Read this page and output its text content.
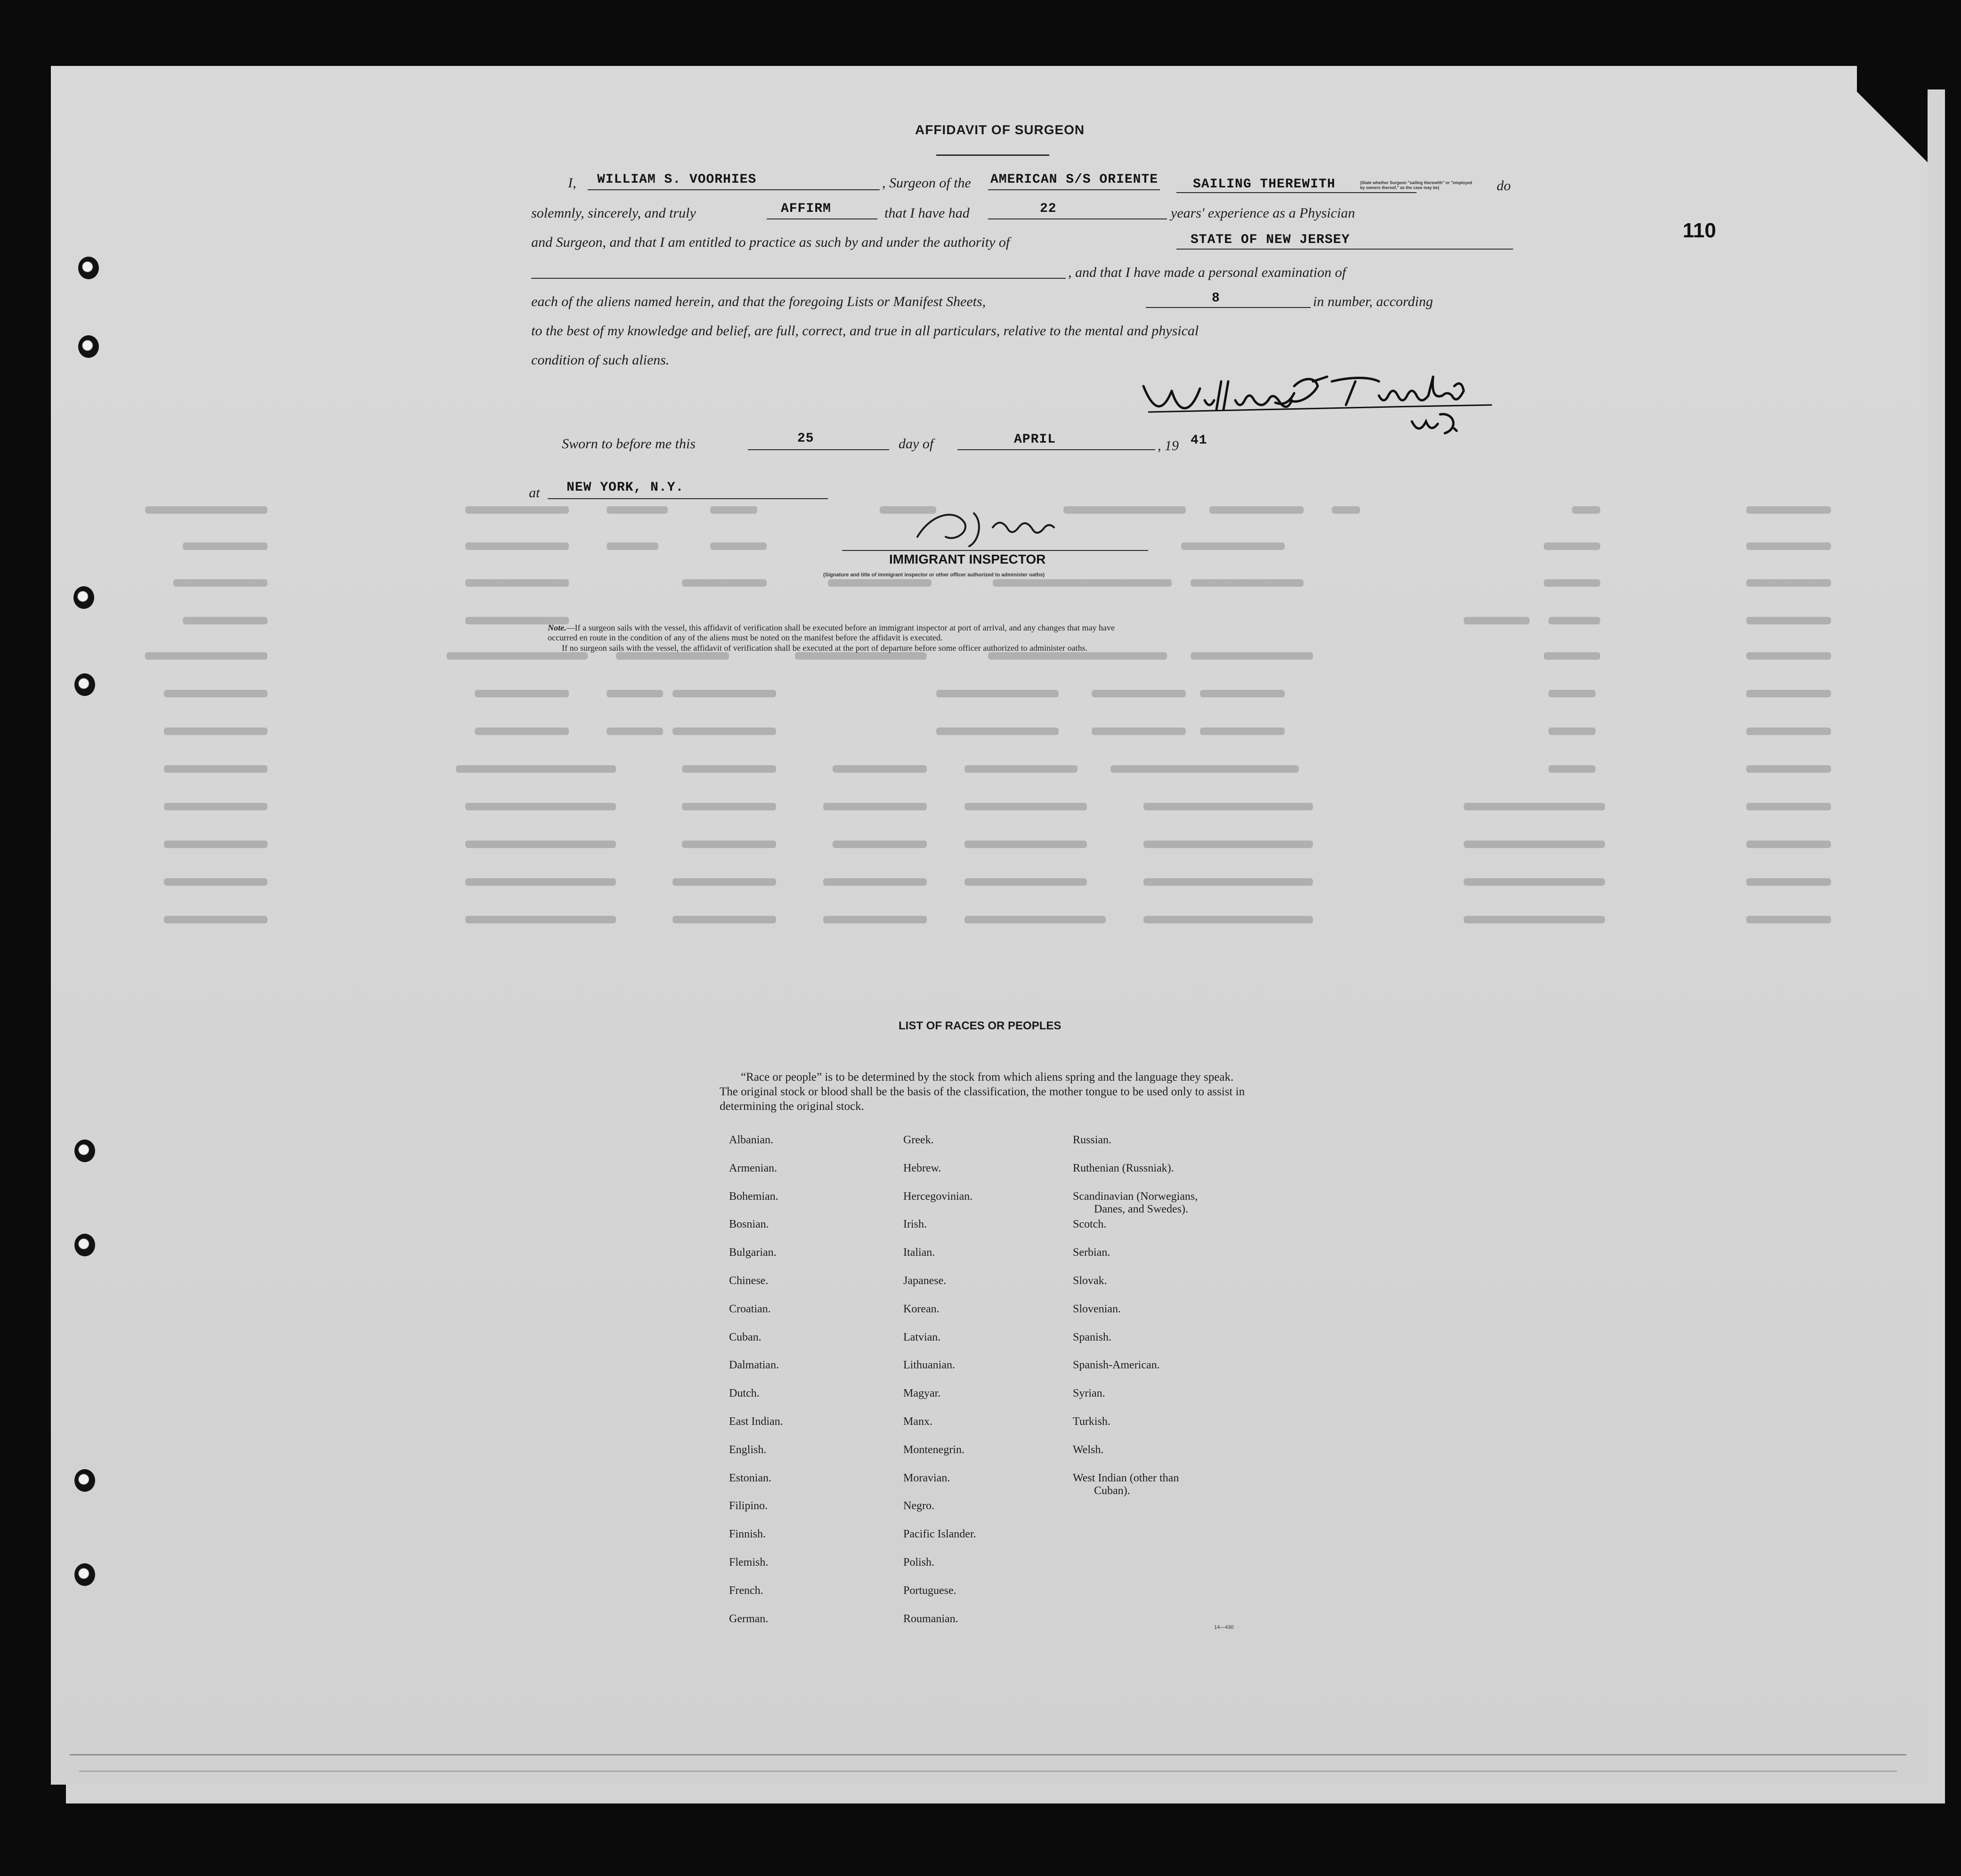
110
AFFIDAVIT OF SURGEON
I, WILLIAM S. VOORHIES	, Surgeon of the AMERICAN S/S ORIENTE	SAILING THEREWITH	(State whether Surgeon "sailing therewith" or "employed by owners thereof," as the case may be)	do
solemnly, sincerely, and truly	AFFIRM	that I have had	22	years' experience as a Physician
and Surgeon, and that I am entitled to practice as such by and under the authority of	STATE OF NEW JERSEY
, and that I have made a personal examination of
each of the aliens named herein, and that the foregoing Lists or Manifest Sheets,	8	in number, according
to the best of my knowledge and belief, are full, correct, and true in all particulars, relative to the mental and physical
condition of such aliens.
Sworn to before me this	25	day of	APRIL	, 19 41
at NEW YORK, N.Y.
IMMIGRANT INSPECTOR
(Signature and title of immigrant inspector or other officer authorized to administer oaths)
Note.—If a surgeon sails with the vessel, this affidavit of verification shall be executed before an immigrant inspector at port of arrival, and any changes that may have
occurred en route in the condition of any of the aliens must be noted on the manifest before the affidavit is executed.
If no surgeon sails with the vessel, the affidavit of verification shall be executed at the port of departure before some officer authorized to administer oaths.
LIST OF RACES OR PEOPLES
“Race or people” is to be determined by the stock from which aliens spring and the language they speak. The original stock or blood shall be the basis of the classification, the mother tongue to be used only to assist in determining the original stock.
Albanian.
Armenian.
Bohemian.
Bosnian.
Bulgarian.
Chinese.
Croatian.
Cuban.
Dalmatian.
Dutch.
East Indian.
English.
Estonian.
Filipino.
Finnish.
Flemish.
French.
German.
Greek.
Hebrew.
Hercegovinian.
Irish.
Italian.
Japanese.
Korean.
Latvian.
Lithuanian.
Magyar.
Manx.
Montenegrin.
Moravian.
Negro.
Pacific Islander.
Polish.
Portuguese.
Roumanian.
Russian.
Ruthenian (Russniak).
Scandinavian (Norwegians,
Danes, and Swedes).
Scotch.
Serbian.
Slovak.
Slovenian.
Spanish.
Spanish-American.
Syrian.
Turkish.
Welsh.
West Indian (other than
Cuban).
14—430
